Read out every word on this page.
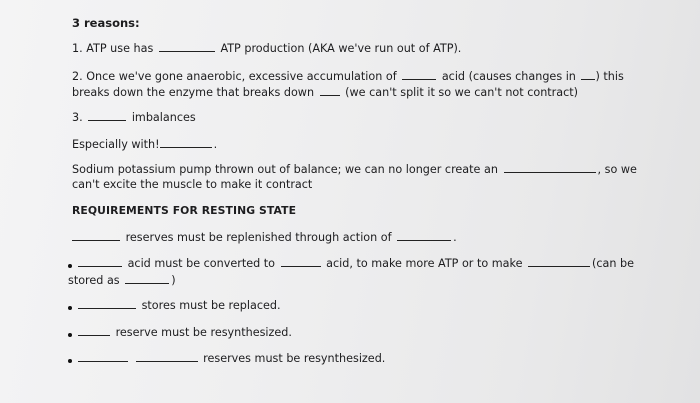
3 reasons:
1. ATP use has	ATP production (AKA we've run out of ATP).
2. Once we've gone anaerobic, excessive accumulation of	acid (causes changes in ) this
breaks down the enzyme that breaks down	(we can't split it so we can't not contract)
3.	imbalances
Especially with!	.
Sodium potassium pump thrown out of balance; we can no longer create an	, so we
can't excite the muscle to make it contract
REQUIREMENTS FOR RESTING STATE
reserves must be replenished through action of	.
acid must be converted to	acid, to make more ATP or to make	(can be
stored as	)
stores must be replaced.
reserve must be resynthesized.
reserves must be resynthesized.
